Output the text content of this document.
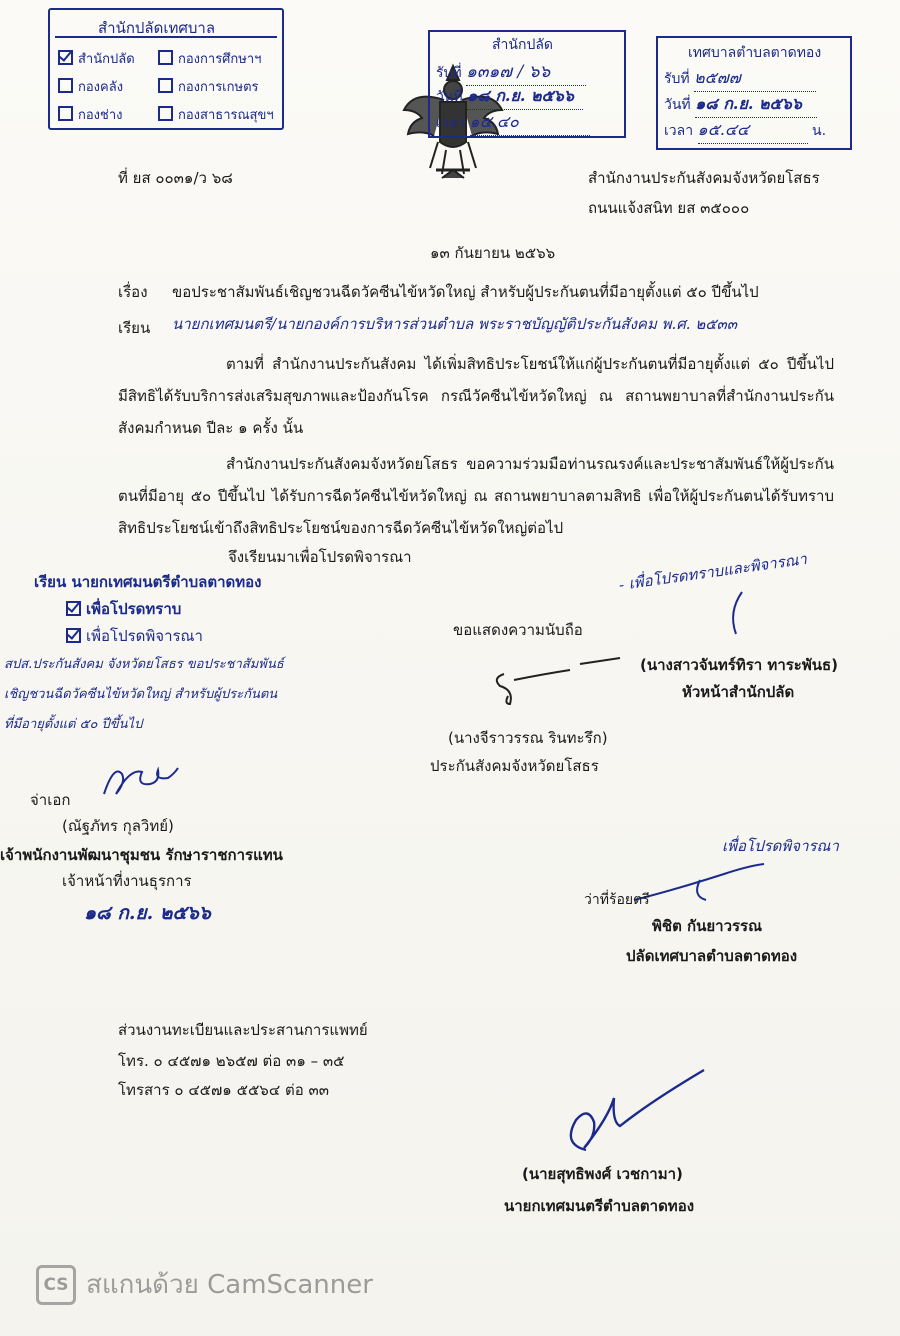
สำนักปลัดเทศบาล
สำนักปลัด	กองการศึกษาฯ
กองคลัง	กองการเกษตร
กองช่าง	กองสาธารณสุขฯ
สำนักปลัด
รับที่ ๑๓๑๗ / ๖๖
วันที่ ๑๘ ก.ย. ๒๕๖๖
เวลา ๑๕.๔๐
เทศบาลตำบลตาดทอง
รับที่ ๒๕๗๗
วันที่ ๑๘ ก.ย. ๒๕๖๖
เวลา ๑๕.๔๔	น.
ที่ ยส ๐๐๓๑/ว ๖๘	สำนักงานประกันสังคมจังหวัดยโสธร
ถนนแจ้งสนิท ยส ๓๕๐๐๐
๑๓ กันยายน ๒๕๖๖
เรื่อง ขอประชาสัมพันธ์เชิญชวนฉีดวัคซีนไข้หวัดใหญ่ สำหรับผู้ประกันตนที่มีอายุตั้งแต่ ๕๐ ปีขึ้นไป
เรียน นายกเทศมนตรี/นายกองค์การบริหารส่วนตำบล พระราชบัญญัติประกันสังคม พ.ศ. ๒๕๓๓
ตามที่ สำนักงานประกันสังคม ได้เพิ่มสิทธิประโยชน์ให้แก่ผู้ประกันตนที่มีอายุตั้งแต่ ๕๐ ปีขึ้นไป มีสิทธิได้รับบริการส่งเสริมสุขภาพและป้องกันโรค กรณีวัคซีนไข้หวัดใหญ่ ณ สถานพยาบาลที่สำนักงานประกันสังคมกำหนด ปีละ ๑ ครั้ง นั้น
สำนักงานประกันสังคมจังหวัดยโสธร ขอความร่วมมือท่านรณรงค์และประชาสัมพันธ์ให้ผู้ประกันตนที่มีอายุ ๕๐ ปีขึ้นไป ได้รับการฉีดวัคซีนไข้หวัดใหญ่ ณ สถานพยาบาลตามสิทธิ เพื่อให้ผู้ประกันตนได้รับทราบสิทธิประโยชน์เข้าถึงสิทธิประโยชน์ของการฉีดวัคซีนไข้หวัดใหญ่ต่อไป
จึงเรียนมาเพื่อโปรดพิจารณา
เรียน นายกเทศมนตรีตำบลตาดทอง
เพื่อโปรดทราบ
เพื่อโปรดพิจารณา
สปส.ประกันสังคม จังหวัดยโสธร ขอประชาสัมพันธ์
เชิญชวนฉีดวัคซีนไข้หวัดใหญ่ สำหรับผู้ประกันตน
ที่มีอายุตั้งแต่ ๕๐ ปีขึ้นไป
จ่าเอก
(ณัฐภัทร กุลวิทย์)
เจ้าพนักงานพัฒนาชุมชน รักษาราชการแทน
เจ้าหน้าที่งานธุรการ
๑๘ ก.ย. ๒๕๖๖
ขอแสดงความนับถือ
(นางจีราวรรณ รินทะรึก)
ประกันสังคมจังหวัดยโสธร
- เพื่อโปรดทราบและพิจารณา
(นางสาวจันทร์ทิรา ทาระพันธ)
หัวหน้าสำนักปลัด
เพื่อโปรดพิจารณา
ว่าที่ร้อยตรี
พิชิต กันยาวรรณ
ปลัดเทศบาลตำบลตาดทอง
ส่วนงานทะเบียนและประสานการแพทย์
โทร. ๐ ๔๕๗๑ ๒๖๕๗ ต่อ ๓๑ – ๓๕
โทรสาร ๐ ๔๕๗๑ ๕๕๖๔ ต่อ ๓๓
(นายสุทธิพงศ์ เวชกามา)
นายกเทศมนตรีตำบลตาดทอง
CS สแกนด้วย CamScanner
